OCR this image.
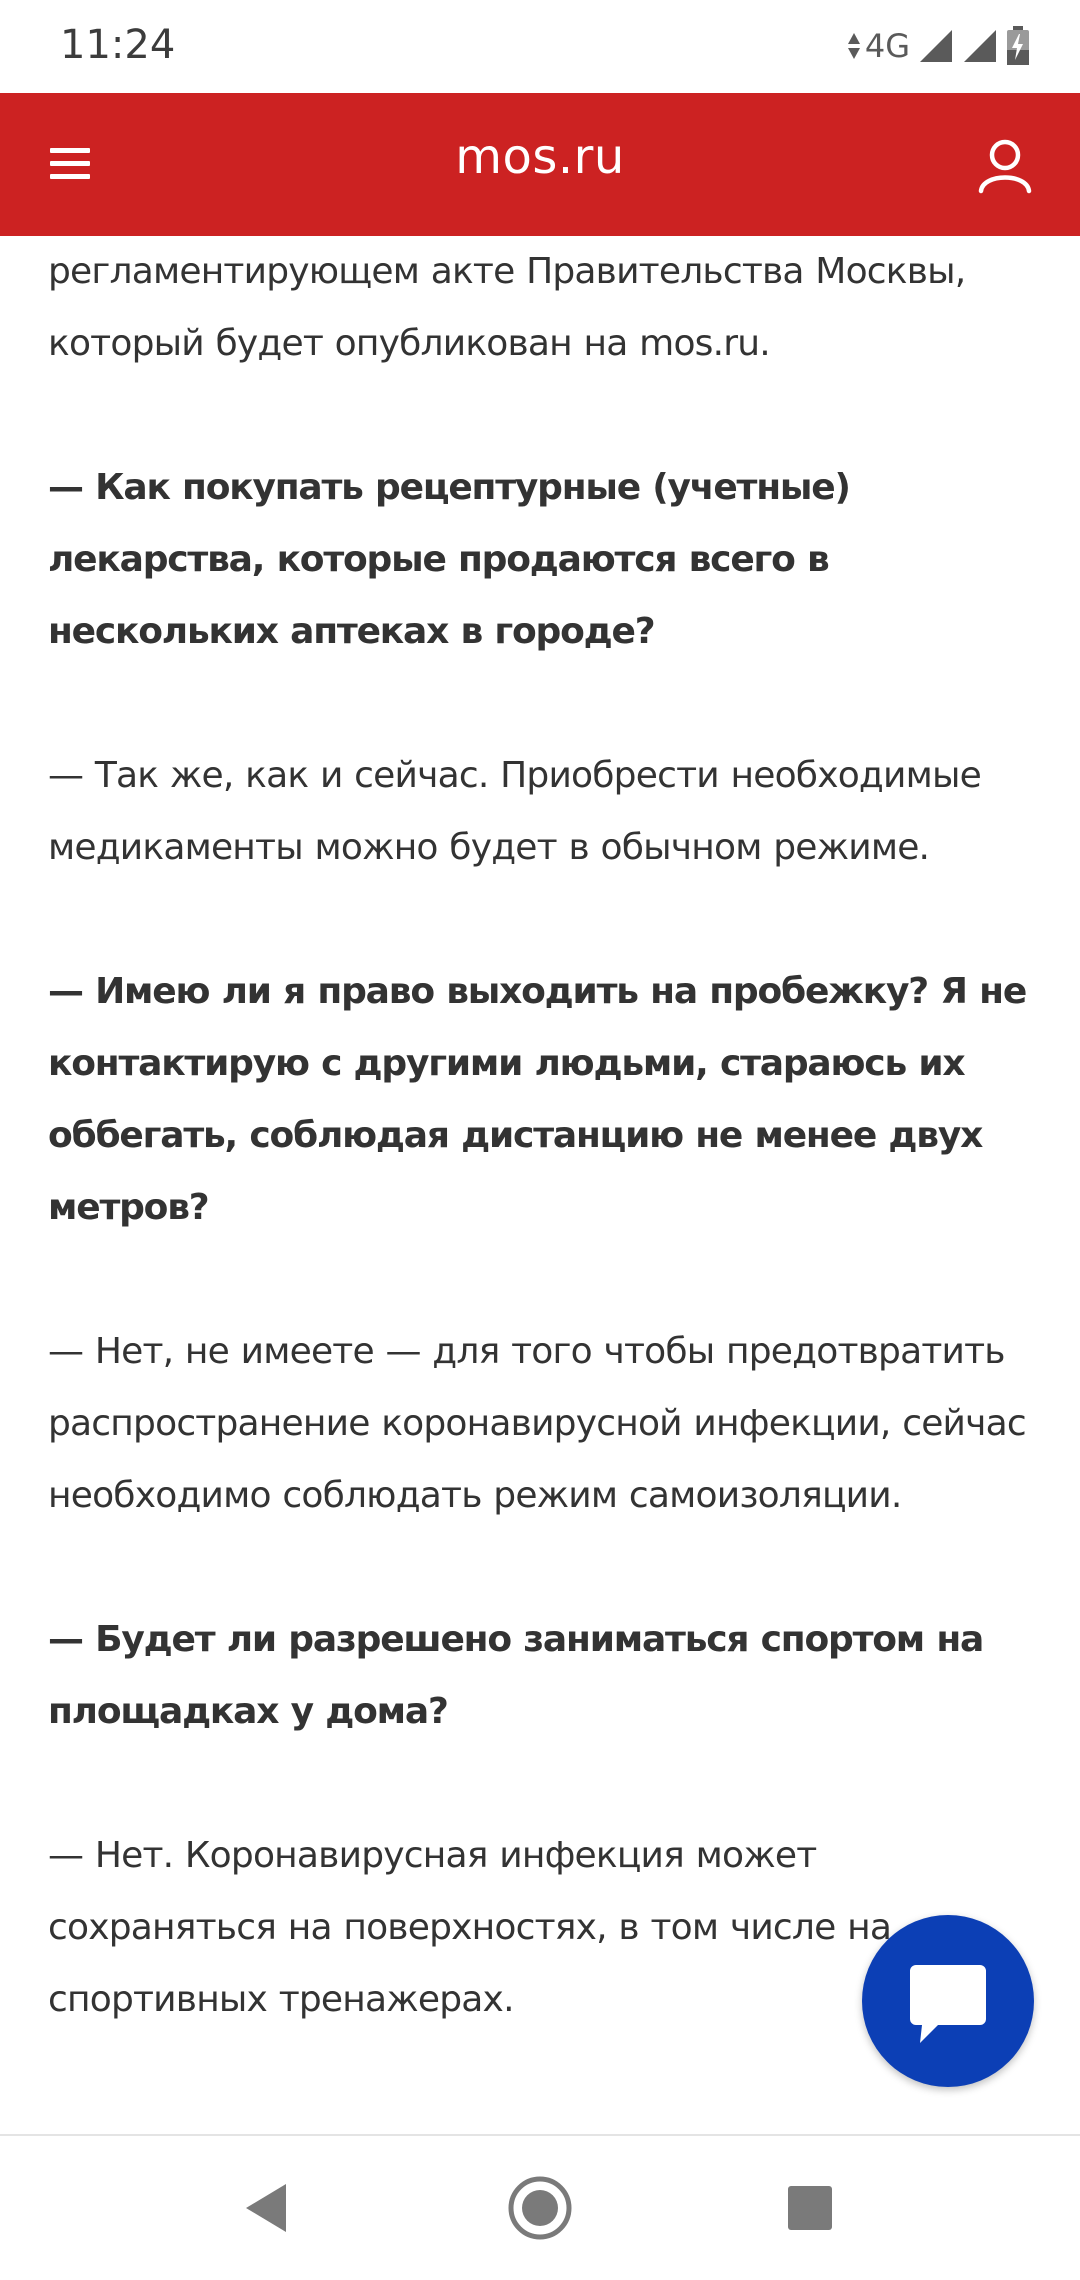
11:24	4G
mos.ru

регламентирующем акте Правительства Москвы, который будет опубликован на mos.ru.

— Как покупать рецептурные (учетные) лекарства, которые продаются всего в нескольких аптеках в городе?

— Так же, как и сейчас. Приобрести необходимые медикаменты можно будет в обычном режиме.

— Имею ли я право выходить на пробежку? Я не контактирую с другими людьми, стараюсь их оббегать, соблюдая дистанцию не менее двух метров?

— Нет, не имеете — для того чтобы предотвратить распространение коронавирусной инфекции, сейчас необходимо соблюдать режим самоизоляции.

— Будет ли разрешено заниматься спортом на площадках у дома?

— Нет. Коронавирусная инфекция может сохраняться на поверхностях, в том числе на спортивных тренажерах.
